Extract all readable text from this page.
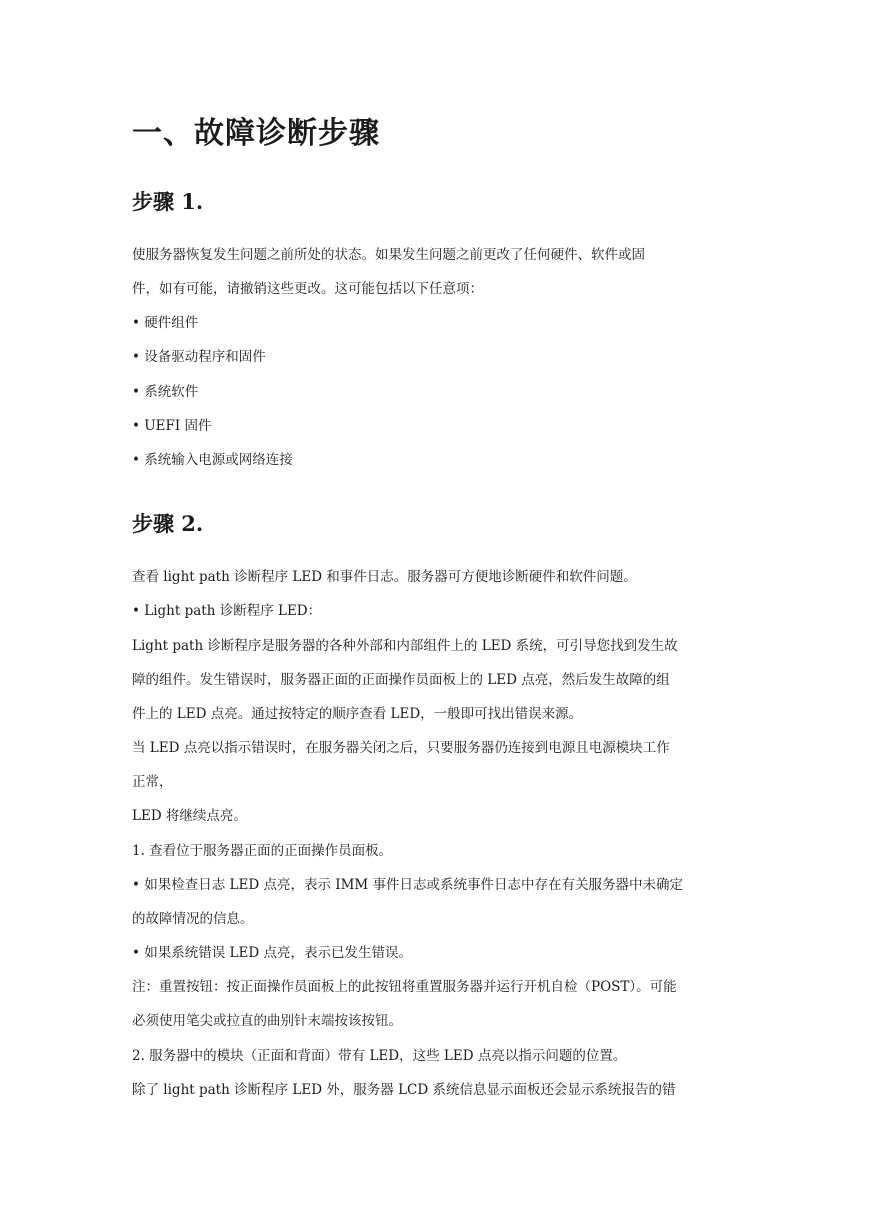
一、故障诊断步骤
步骤 1.

使服务器恢复发生问题之前所处的状态。如果发生问题之前更改了任何硬件、软件或固

件，如有可能，请撤销这些更改。这可能包括以下任意项：

• 硬件组件

• 设备驱动程序和固件

• 系统软件

• UEFI 固件

• 系统输入电源或网络连接

步骤 2.

查看 light path 诊断程序 LED 和事件日志。服务器可方便地诊断硬件和软件问题。

• Light path 诊断程序 LED：

Light path 诊断程序是服务器的各种外部和内部组件上的 LED 系统，可引导您找到发生故

障的组件。发生错误时，服务器正面的正面操作员面板上的 LED 点亮，然后发生故障的组

件上的 LED 点亮。通过按特定的顺序查看 LED，一般即可找出错误来源。

当 LED 点亮以指示错误时，在服务器关闭之后，只要服务器仍连接到电源且电源模块工作

正常，

LED 将继续点亮。

1. 查看位于服务器正面的正面操作员面板。

• 如果检查日志 LED 点亮，表示 IMM 事件日志或系统事件日志中存在有关服务器中未确定

的故障情况的信息。

• 如果系统错误 LED 点亮，表示已发生错误。

注：重置按钮：按正面操作员面板上的此按钮将重置服务器并运行开机自检（POST）。可能

必须使用笔尖或拉直的曲别针末端按该按钮。

2. 服务器中的模块（正面和背面）带有 LED，这些 LED 点亮以指示问题的位置。

除了 light path 诊断程序 LED 外，服务器 LCD 系统信息显示面板还会显示系统报告的错
